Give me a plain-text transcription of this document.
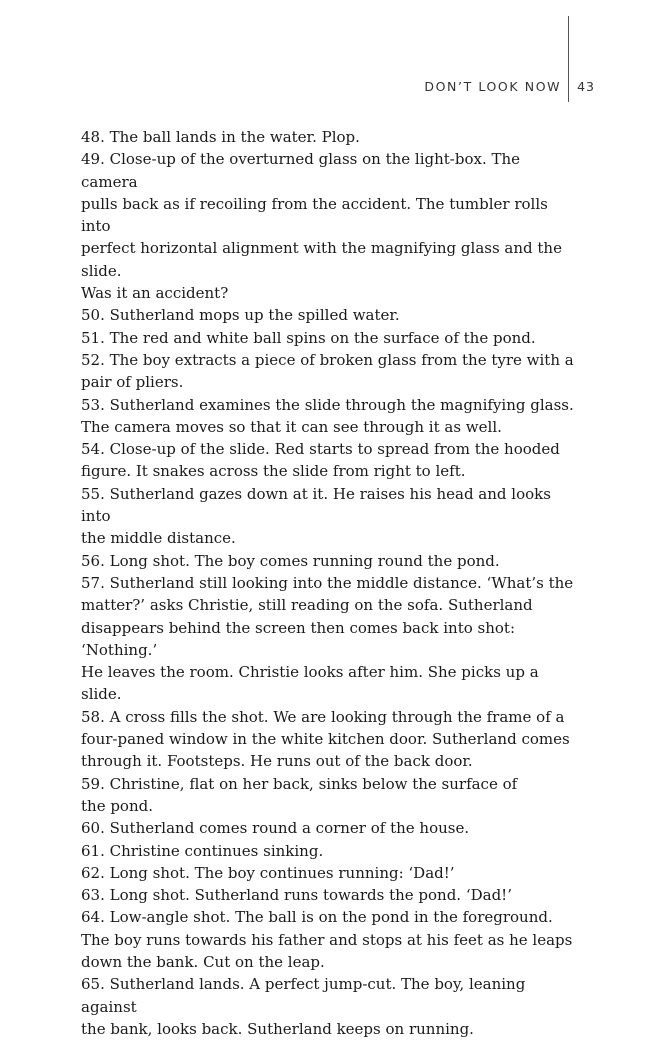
DON’T LOOK NOW	43

48. The ball lands in the water. Plop.

49. Close-up of the overturned glass on the light-box. The camera
pulls back as if recoiling from the accident. The tumbler rolls into
perfect horizontal alignment with the magnifying glass and the slide.
Was it an accident?

50. Sutherland mops up the spilled water.

51. The red and white ball spins on the surface of the pond.

52. The boy extracts a piece of broken glass from the tyre with a
pair of pliers.

53. Sutherland examines the slide through the magnifying glass.
The camera moves so that it can see through it as well.

54. Close-up of the slide. Red starts to spread from the hooded
figure. It snakes across the slide from right to left.

55. Sutherland gazes down at it. He raises his head and looks into
the middle distance.

56. Long shot. The boy comes running round the pond.

57. Sutherland still looking into the middle distance. ‘What’s the
matter?’ asks Christie, still reading on the sofa. Sutherland
disappears behind the screen then comes back into shot: ‘Nothing.’
He leaves the room. Christie looks after him. She picks up a slide.

58. A cross fills the shot. We are looking through the frame of a
four-paned window in the white kitchen door. Sutherland comes
through it. Footsteps. He runs out of the back door.

59. Christine, flat on her back, sinks below the surface of
the pond.

60. Sutherland comes round a corner of the house.

61. Christine continues sinking.

62. Long shot. The boy continues running: ‘Dad!’

63. Long shot. Sutherland runs towards the pond. ‘Dad!’

64. Low-angle shot. The ball is on the pond in the foreground.
The boy runs towards his father and stops at his feet as he leaps
down the bank. Cut on the leap.

65. Sutherland lands. A perfect jump-cut. The boy, leaning against
the bank, looks back. Sutherland keeps on running.
